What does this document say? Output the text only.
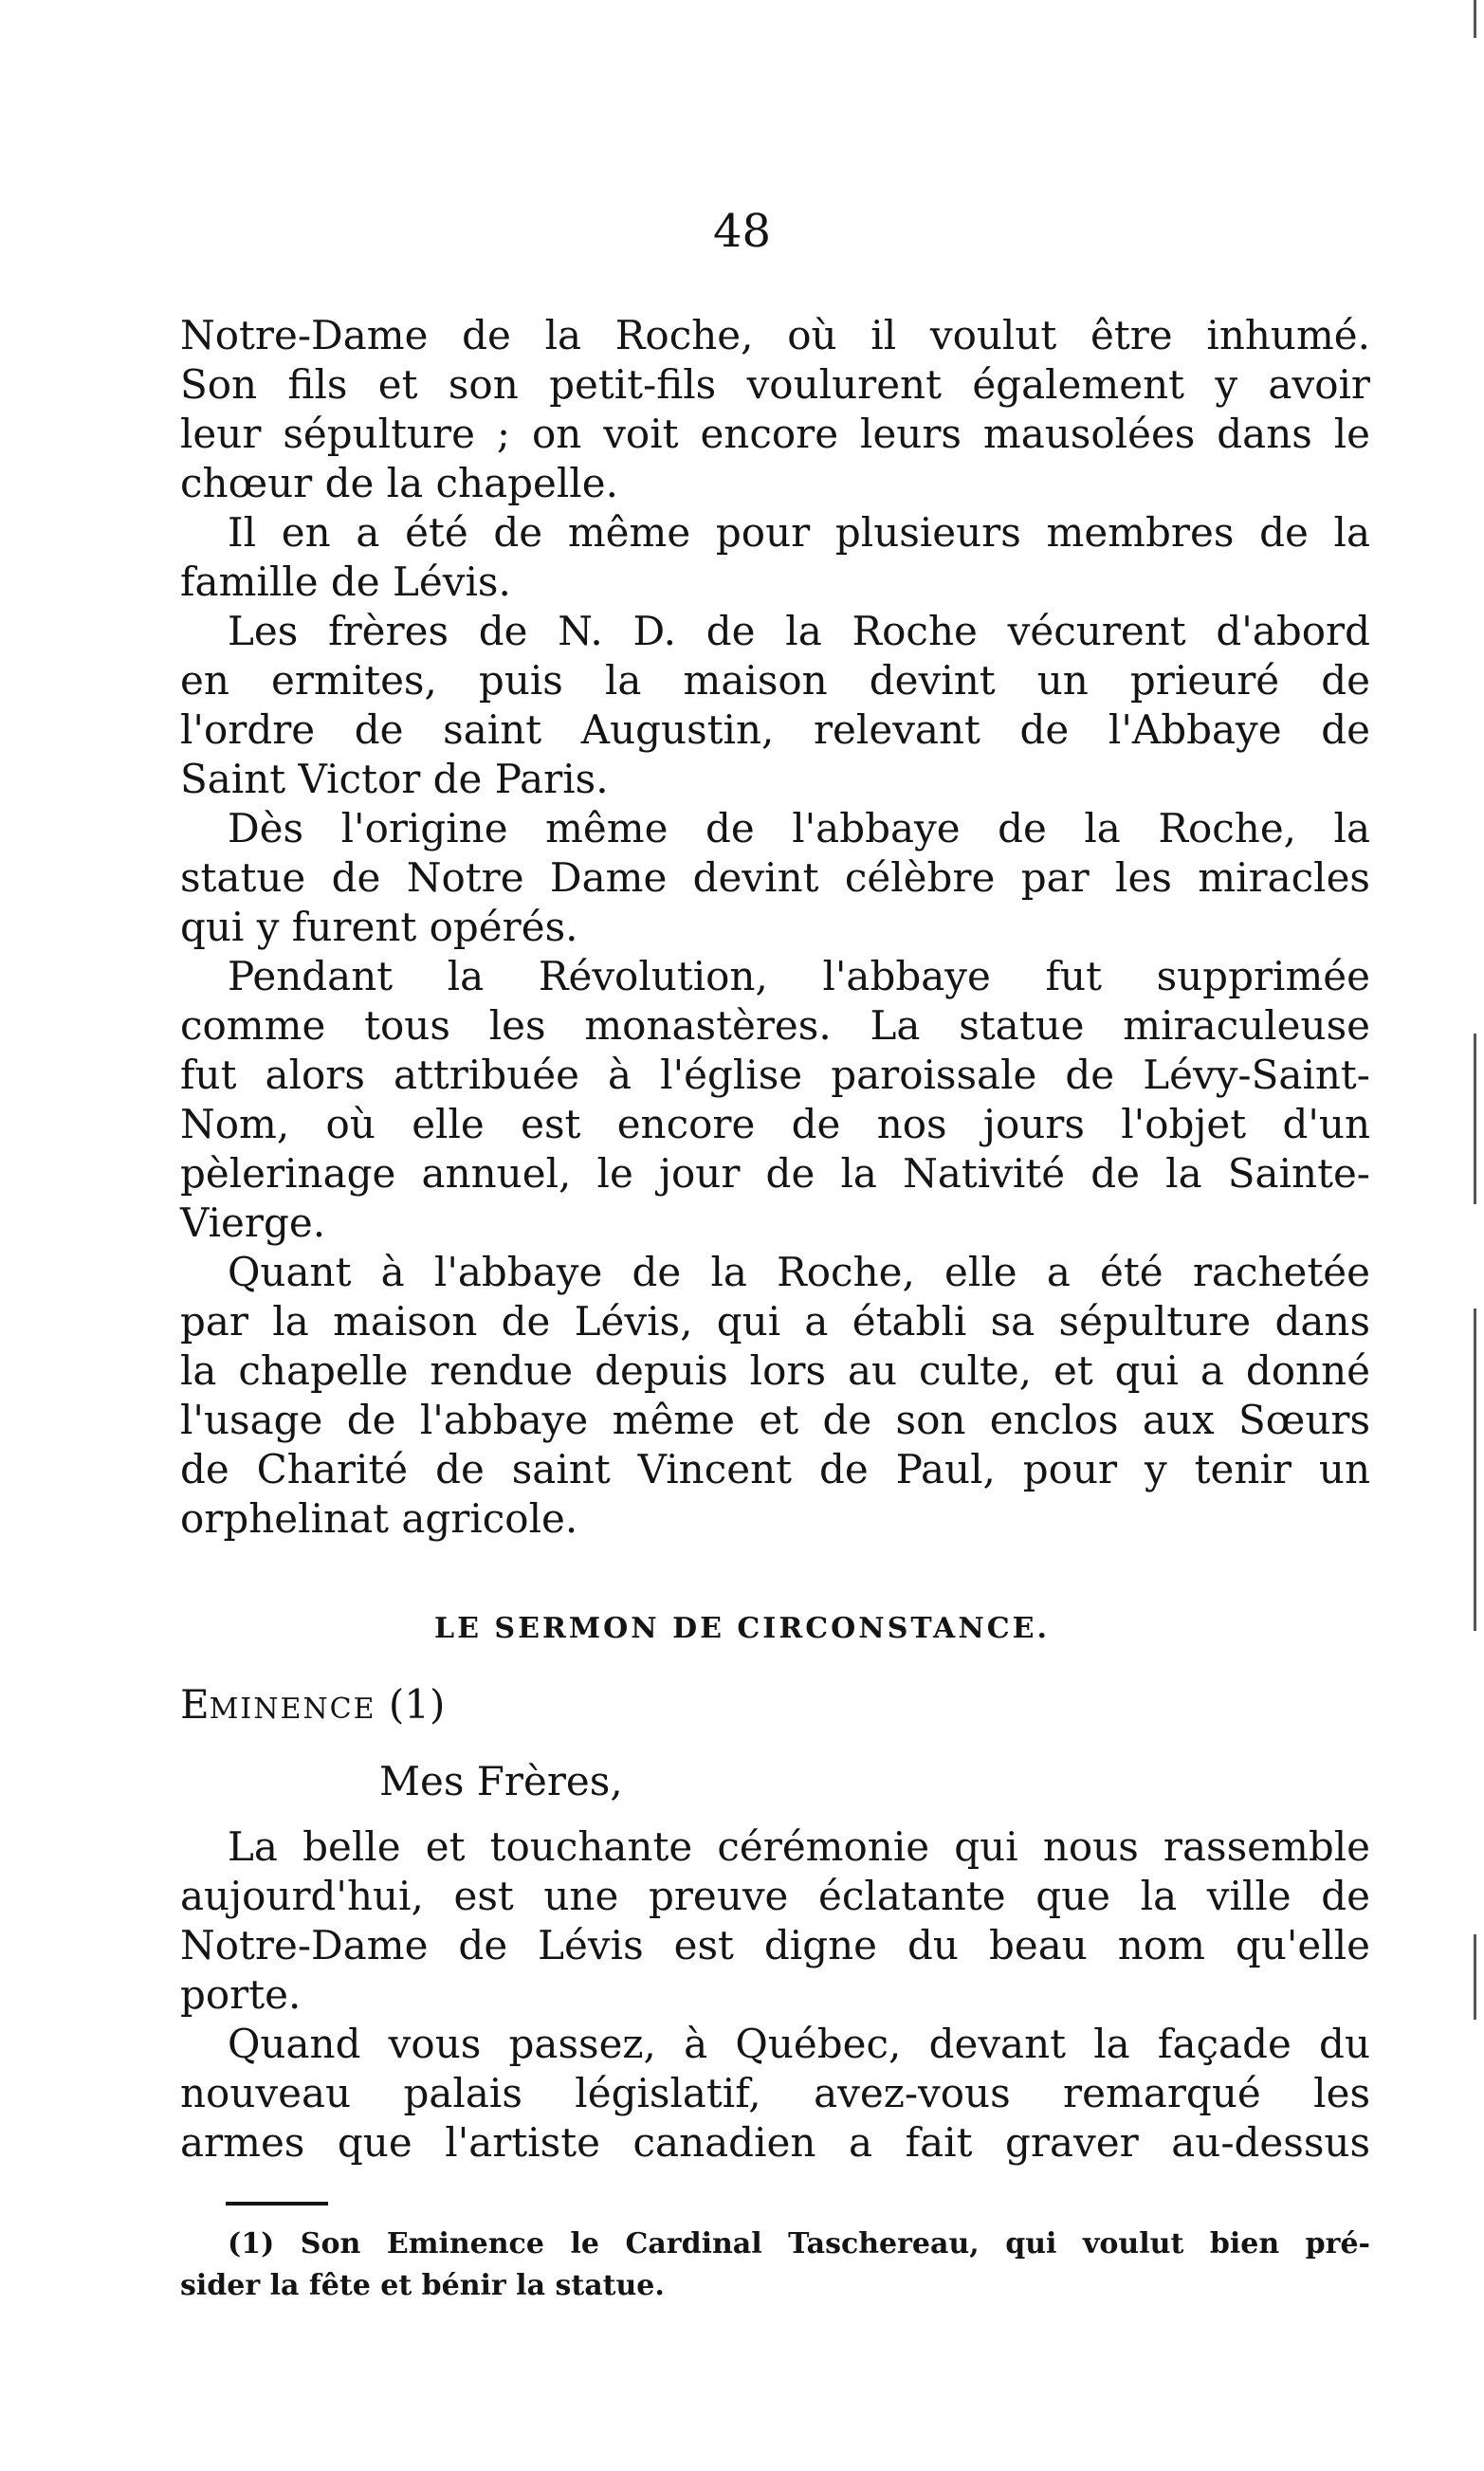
48
Notre-Dame de la Roche, où il voulut être inhumé.
Son fils et son petit-fils voulurent également y avoir
leur sépulture ; on voit encore leurs mausolées dans le
chœur de la chapelle.
Il en a été de même pour plusieurs membres de la
famille de Lévis.
Les frères de N. D. de la Roche vécurent d'abord
en ermites, puis la maison devint un prieuré de
l'ordre de saint Augustin, relevant de l'Abbaye de
Saint Victor de Paris.
Dès l'origine même de l'abbaye de la Roche, la
statue de Notre Dame devint célèbre par les miracles
qui y furent opérés.
Pendant la Révolution, l'abbaye fut supprimée
comme tous les monastères. La statue miraculeuse
fut alors attribuée à l'église paroissale de Lévy-Saint-
Nom, où elle est encore de nos jours l'objet d'un
pèlerinage annuel, le jour de la Nativité de la Sainte-
Vierge.
Quant à l'abbaye de la Roche, elle a été rachetée
par la maison de Lévis, qui a établi sa sépulture dans
la chapelle rendue depuis lors au culte, et qui a donné
l'usage de l'abbaye même et de son enclos aux Sœurs
de Charité de saint Vincent de Paul, pour y tenir un
orphelinat agricole.
LE SERMON DE CIRCONSTANCE.
EMINENCE (1)
Mes Frères,
La belle et touchante cérémonie qui nous rassemble
aujourd'hui, est une preuve éclatante que la ville de
Notre-Dame de Lévis est digne du beau nom qu'elle
porte.
Quand vous passez, à Québec, devant la façade du
nouveau palais législatif, avez-vous remarqué les
armes que l'artiste canadien a fait graver au-dessus
(1) Son Eminence le Cardinal Taschereau, qui voulut bien pré-
sider la fête et bénir la statue.
